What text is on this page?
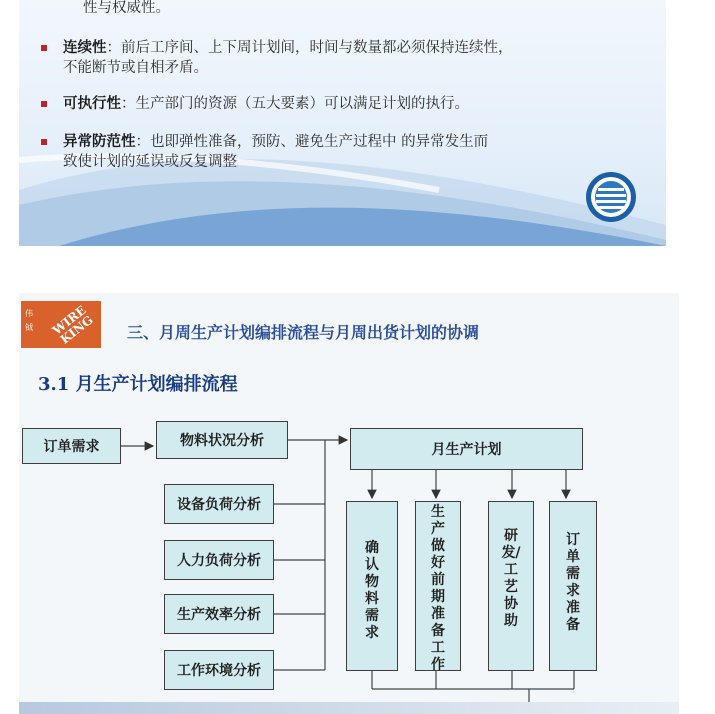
性与权威性。
连续性：前后工序间、上下周计划间，时间与数量都必须保持连续性，
不能断节或自相矛盾。
可执行性：生产部门的资源（五大要素）可以满足计划的执行。
异常防范性：也即弹性准备，预防、避免生产过程中 的异常发生而
致使计划的延误或反复调整
伟钺	WIRE KING	三、月周生产计划编排流程与月周出货计划的协调
3.1 月生产计划编排流程
订单需求	物料状况分析
设备负荷分析
人力负荷分析
生产效率分析
工作环境分析
月生产计划
确认物料需求
生产做好前期准备工作
研发/工艺协助
订单需求准备
